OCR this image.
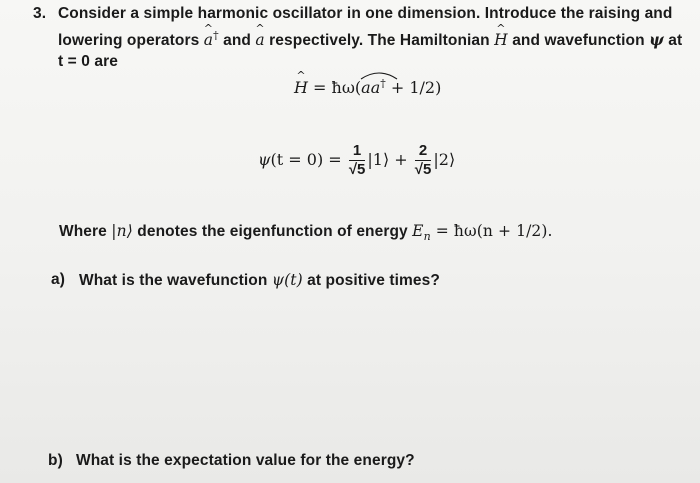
3. Consider a simple harmonic oscillator in one dimension. Introduce the raising and
lowering operators ^ a† and ^ a respectively. The Hamiltonian ^ H and wavefunction ψ at
t = 0 are
^ H = ħω(
aa† + 1/2)
$\psi(t = 0) = \frac{1}{√5}$ |1⟩ + $\frac{2}{√5}$ |2⟩
Where |n⟩ denotes the eigenfunction of energy $E_n$ = ħω(n + 1/2).
a) What is the wavefunction ψ(t) at positive times?
b) What is the expectation value for the energy?
